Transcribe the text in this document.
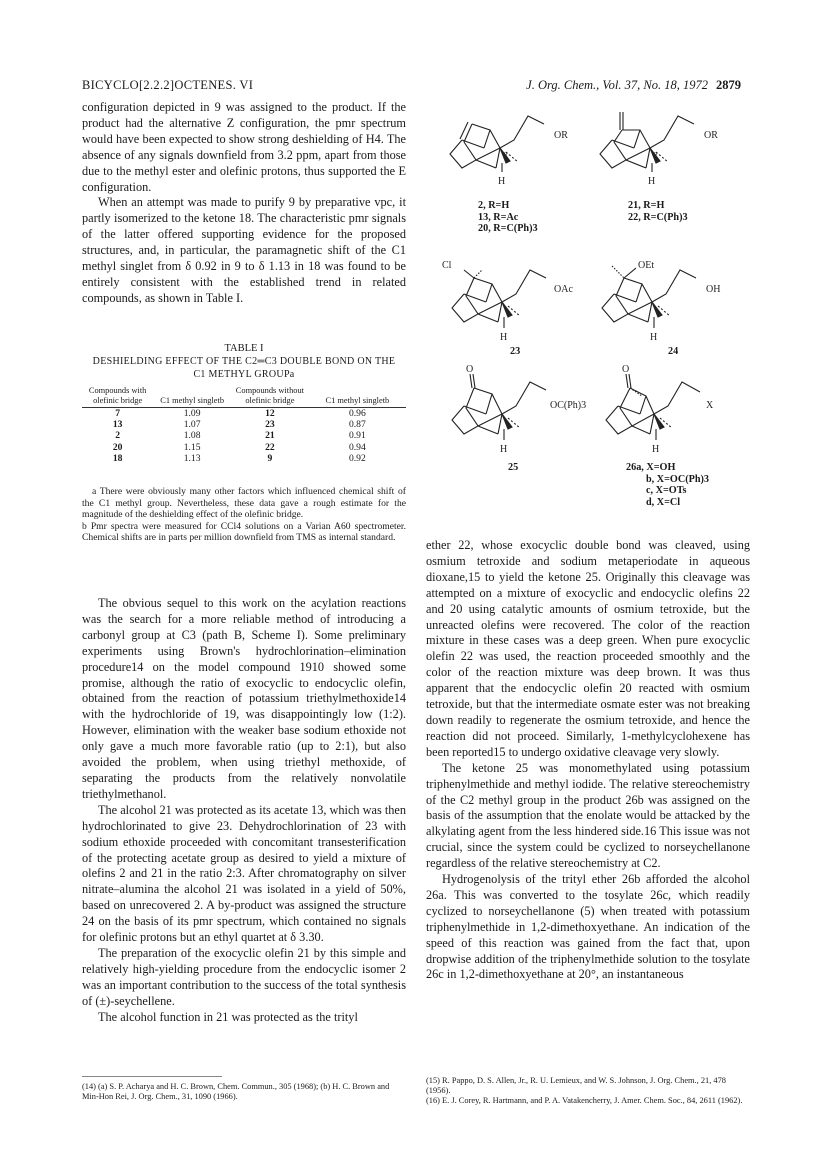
BICYCLO[2.2.2]OCTENES. VI	J. Org. Chem., Vol. 37, No. 18, 1972 2879

configuration depicted in 9 was assigned to the product. If the product had the alternative Z configuration, the pmr spectrum would have been expected to show strong deshielding of H4. The absence of any signals downfield from 3.2 ppm, apart from those due to the methyl ester and olefinic protons, thus supported the E configuration.

When an attempt was made to purify 9 by preparative vpc, it partly isomerized to the ketone 18. The characteristic pmr signals of the latter offered supporting evidence for the proposed structures, and, in particular, the paramagnetic shift of the C1 methyl singlet from δ 0.92 in 9 to δ 1.13 in 18 was found to be entirely consistent with the established trend in related compounds, as shown in Table I.

TABLE I
DESHIELDING EFFECT OF THE C2═C3 DOUBLE BOND ON THE
C1 METHYL GROUPa
Compounds with olefinic bridge	C1 methyl singletb	Compounds without olefinic bridge	C1 methyl singletb
7	1.09	12	0.96
13	1.07	23	0.87
2	1.08	21	0.91
20	1.15	22	0.94
18	1.13	9	0.92

a There were obviously many other factors which influenced chemical shift of the C1 methyl group. Nevertheless, these data gave a rough estimate for the magnitude of the deshielding effect of the olefinic bridge.

b Pmr spectra were measured for CCl4 solutions on a Varian A60 spectrometer. Chemical shifts are in parts per million downfield from TMS as internal standard.

The obvious sequel to this work on the acylation reactions was the search for a more reliable method of introducing a carbonyl group at C3 (path B, Scheme I). Some preliminary experiments using Brown's hydrochlorination–elimination procedure14 on the model compound 1910 showed some promise, although the ratio of exocyclic to endocyclic olefin, obtained from the reaction of potassium triethylmethoxide14 with the hydrochloride of 19, was disappointingly low (1:2). However, elimination with the weaker base sodium ethoxide not only gave a much more favorable ratio (up to 2:1), but also avoided the problem, when using triethyl methoxide, of separating the products from the relatively nonvolatile triethylmethanol.

The alcohol 21 was protected as its acetate 13, which was then hydrochlorinated to give 23. Dehydrochlorination of 23 with sodium ethoxide proceeded with concomitant transesterification of the protecting acetate group as desired to yield a mixture of olefins 2 and 21 in the ratio 2:3. After chromatography on silver nitrate–alumina the alcohol 21 was isolated in a yield of 50%, based on unrecovered 2. A by-product was assigned the structure 24 on the basis of its pmr spectrum, which contained no signals for olefinic protons but an ethyl quartet at δ 3.30.

The preparation of the exocyclic olefin 21 by this simple and relatively high-yielding procedure from the endocyclic isomer 2 was an important contribution to the success of the total synthesis of (±)-seychellene.

The alcohol function in 21 was protected as the trityl

(14) (a) S. P. Acharya and H. C. Brown, Chem. Commun., 305 (1968); (b) H. C. Brown and Min-Hon Rei, J. Org. Chem., 31, 1090 (1966).
OR
9
H
2, R=H
13, R=Ac
20, R=C(Ph)3
OR
9
H
21, R=H
22, R=C(Ph)3
Cl
OAc
H
23
OEt
OH
H
24
O
OC(Ph)3
H
25
O
X
H
26a, X=OH
b, X=OC(Ph)3
c, X=OTs
d, X=Cl

ether 22, whose exocyclic double bond was cleaved, using osmium tetroxide and sodium metaperiodate in aqueous dioxane,15 to yield the ketone 25. Originally this cleavage was attempted on a mixture of exocyclic and endocyclic olefins 22 and 20 using catalytic amounts of osmium tetroxide, but the unreacted olefins were recovered. The color of the reaction mixture in these cases was a deep green. When pure exocyclic olefin 22 was used, the reaction proceeded smoothly and the color of the reaction mixture was deep brown. It was thus apparent that the endocyclic olefin 20 reacted with osmium tetroxide, but that the intermediate osmate ester was not breaking down readily to regenerate the osmium tetroxide, and hence the reaction did not proceed. Similarly, 1-methylcyclohexene has been reported15 to undergo oxidative cleavage very slowly.

The ketone 25 was monomethylated using potassium triphenylmethide and methyl iodide. The relative stereochemistry of the C2 methyl group in the product 26b was assigned on the basis of the assumption that the enolate would be attacked by the alkylating agent from the less hindered side.16 This issue was not crucial, since the system could be cyclized to norseychellanone regardless of the relative stereochemistry at C2.

Hydrogenolysis of the trityl ether 26b afforded the alcohol 26a. This was converted to the tosylate 26c, which readily cyclized to norseychellanone (5) when treated with potassium triphenylmethide in 1,2-dimethoxyethane. An indication of the speed of this reaction was gained from the fact that, upon dropwise addition of the triphenylmethide solution to the tosylate 26c in 1,2-dimethoxyethane at 20°, an instantaneous

(15) R. Pappo, D. S. Allen, Jr., R. U. Lemieux, and W. S. Johnson, J. Org. Chem., 21, 478 (1956).
(16) E. J. Corey, R. Hartmann, and P. A. Vatakencherry, J. Amer. Chem. Soc., 84, 2611 (1962).
